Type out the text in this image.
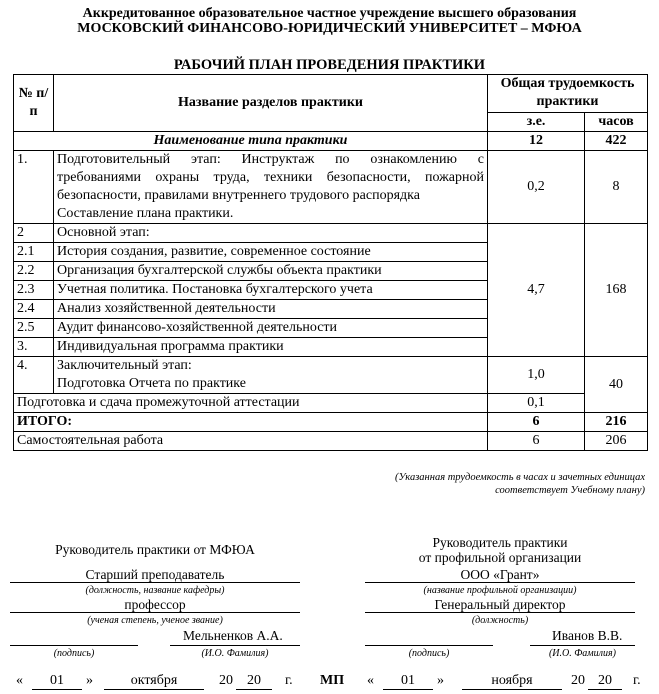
Аккредитованное образовательное частное учреждение высшего образования
МОСКОВСКИЙ ФИНАНСОВО-ЮРИДИЧЕСКИЙ УНИВЕРСИТЕТ – МФЮА
РАБОЧИЙ ПЛАН ПРОВЕДЕНИЯ ПРАКТИКИ
№ п/п	Название разделов практики	Общая трудоемкость практики	
		з.е.	часов
Наименование типа практики		12	422
1.	Подготовительный этап: Инструктаж по ознакомлению с требованиями охраны труда, техники безопасности, пожарной безопасности, правилами внутреннего трудового распорядка
Составление плана практики.	0,2	8
2	Основной этап:	4,7	168
2.1	История создания, развитие, современное состояние		
2.2	Организация бухгалтерской службы объекта практики		
2.3	Учетная политика. Постановка бухгалтерского учета		
2.4	Анализ хозяйственной деятельности		
2.5	Аудит финансово-хозяйственной деятельности		
3.	Индивидуальная программа практики		
4.	Заключительный этап:
Подготовка Отчета по практике	1,0	40
Подготовка и сдача промежуточной аттестации		0,1	
ИТОГО:		6	216
Самостоятельная работа		6	206
(Указанная трудоемкость в часах и зачетных единицах соответствует Учебному плану)
Руководитель практики от МФЮА
Старший преподаватель
(должность, название кафедры)
профессор
(ученая степень, ученое звание)
Мельненков А.А.
(подпись)	(И.О. Фамилия)
Руководитель практики
от профильной организации
ООО «Грант»
(название профильной организации)
Генеральный директор
(должность)
Иванов В.В.
(подпись)	(И.О. Фамилия)
«	01	»	октября	20	20	г. МП «	01	»	ноября	20 20	г.
